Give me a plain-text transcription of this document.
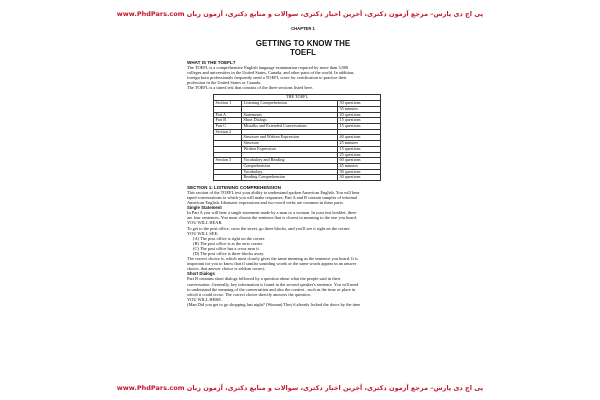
www.PhdPars.com پی اچ دی پارس– مرجع آزمون دکتری، آخرین اخبار دکتری، سوالات و منابع دکتری، آزمون زبان
CHAPTER 1
GETTING TO KNOW THE
TOEFL
WHAT IS THE TOEFL?
The TOEFL is a comprehensive English language examination required by more than 3,000
colleges and universities in the United States, Canada, and other parts of the world. In addition,
foreign born professionals frequently need a TOEFL score for certification to practice their
profession in the United States or Canada.
The TOEFL is a timed test that consists of the three sections listed here.
THE TOEFL		
Section 1	Listening Comprehension	50 questions
		35 minutes
Part A	Statements	20 questions
Part B	Short Dialogs	15 questions
Part C	Mistalks and Extended Conversations	15 questions
Section 2		
	Structure and Written Expression	40 questions
	Structure	25 minutes
	Written Expression	15 questions
		25 questions
Section 3	Vocabulary and Reading	60 questions
	Comprehension	45 minutes
	Vocabulary	30 questions
	Reading Comprehension	30 questions
SECTION 1: LISTENING COMPREHENSION
This section of the TOEFL test your ability to understand spoken American English. You will hear
taped conversations to which you will make responses. Part A and B contain samples of informal
American English. Idiomatic expressions and two-word verbs are common in these parts.
Single Statement
In Part A you will hear a single statement made by a man or a woman. In your test booklet, there
are four sentences. You must choose the sentence that is closest in meaning to the one you heard.
YOU WILL HEAR.
To get to the post office, cross the street, go three blocks, and you'll see it right on the corner.
YOU WILL SEE:
(A) The post office is right on the corner.
(B) The post office is at the next corner.
(C) The post office has a cross near it.
(D) The post office is three blocks away.
The correct choice is, which most closely gives the same meaning as the sentence you heard. It is
important for you to know that if similar sounding words or the same words appear in an answer
choice, that answer choice is seldom correct.
Short Dialogs
Part B contains short dialogs followed by a question about what the people said in their
conversation. Generally, key information is found in the second speaker's sentence. You will need
to understand the meaning of the conversation and also the context , such as the time or place in
which it could occur. The correct choice directly answers the question.
YOU WILL HERE.
(Man Did you get to go shopping last night? (Woman) They'd already locked the doors by the time
www.PhdPars.com پی اچ دی پارس– مرجع آزمون دکتری، آخرین اخبار دکتری، سوالات و منابع دکتری، آزمون زبان
